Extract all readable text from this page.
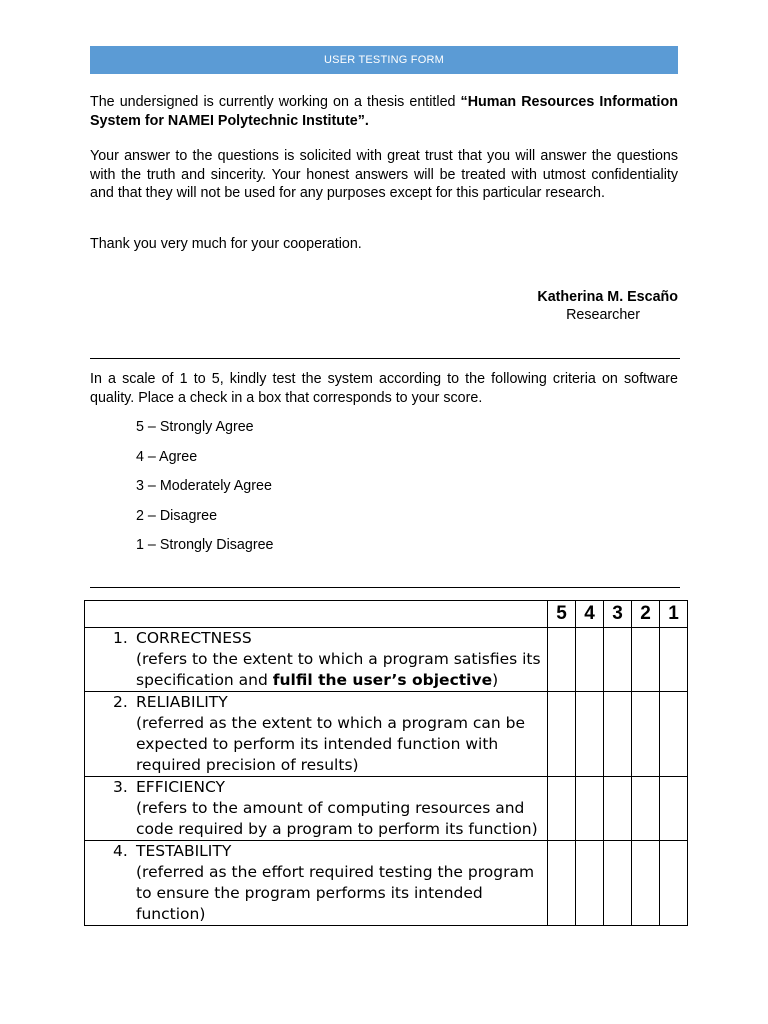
USER TESTING FORM

The undersigned is currently working on a thesis entitled “Human Resources Information System for NAMEI Polytechnic Institute”.

Your answer to the questions is solicited with great trust that you will answer the questions with the truth and sincerity. Your honest answers will be treated with utmost confidentiality and that they will not be used for any purposes except for this particular research.

Thank you very much for your cooperation.

Katherina M. Escaño
Researcher

In a scale of 1 to 5, kindly test the system according to the following criteria on software quality. Place a check in a box that corresponds to your score.

5 – Strongly Agree
4 – Agree
3 – Moderately Agree
2 – Disagree
1 – Strongly Disagree
	5	4	3	2	1

1. CORRECTNESS
(refers to the extent to which a program satisfies its specification and fulfil the user’s objective)					

2. RELIABILITY
(referred as the extent to which a program can be expected to perform its intended function with required precision of results)					

3. EFFICIENCY
(refers to the amount of computing resources and code required by a program to perform its function)					

4. TESTABILITY
(referred as the effort required testing the program to ensure the program performs its intended function)					
